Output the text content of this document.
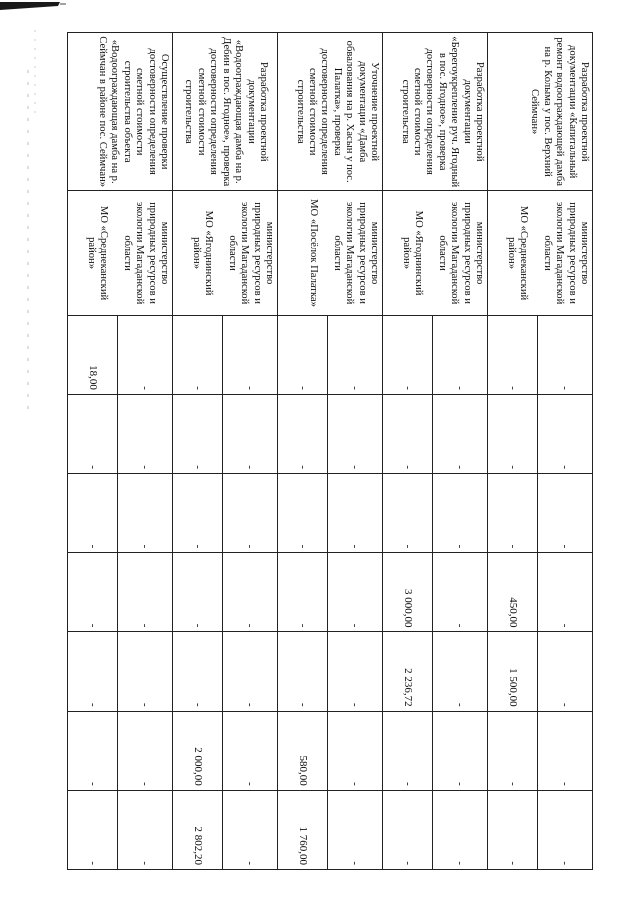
Разработка проектной документации «Капитальный ремонт водоограждающей дамба на р. Колыма у пос. Верхний Сеймчан»	министерство природных ресурсов и экологии Магаданской области
МО «Среднеканский район»	-	-	-	-	-	-	-
		-	-	-	450,00	1 500,00	-	-
Разработка проектной документации «Берегоукрепление руч. Ягодный в пос. Ягодное», проверка достоверности определения сметной стоимости строительства	министерство природных ресурсов и экологии Магаданской области
МО «Ягоднинский район»	-	-	-	-	-	-	-
		-	-	-	3 000,00	2 236,72	-	-
Уточнение проектной документации «Дамба обвалования на р. Хасын у пос. Палатка», проверка достоверности определения сметной стоимости строительства	министерство природных ресурсов и экологии Магаданской области
МО «Посёлок Палатка»	-	-	-	-	-	-	-
		-	-	-	-	-	580,00	1 760,00
Разработка проектной документации «Водоограждающая дамба на р. Дебин в пос. Ягодное», проверка достоверности определения сметной стоимости строительства	министерство природных ресурсов и экологии Магаданской области
МО «Ягоднинский район»	-	-	-	-	-	-	-
		-	-	-	-	-	2 000,00	2 802,20
Осуществление проверки достоверности определения сметной стоимости строительства объекта «Водоограждающая дамба на р. Сеймчан в районе пос. Сеймчан»	министерство природных ресурсов и экологии Магаданской области
МО «Среднеканский район»	-	-	-	-	-	-	-
		18,00	-	-	-	-	-	-
